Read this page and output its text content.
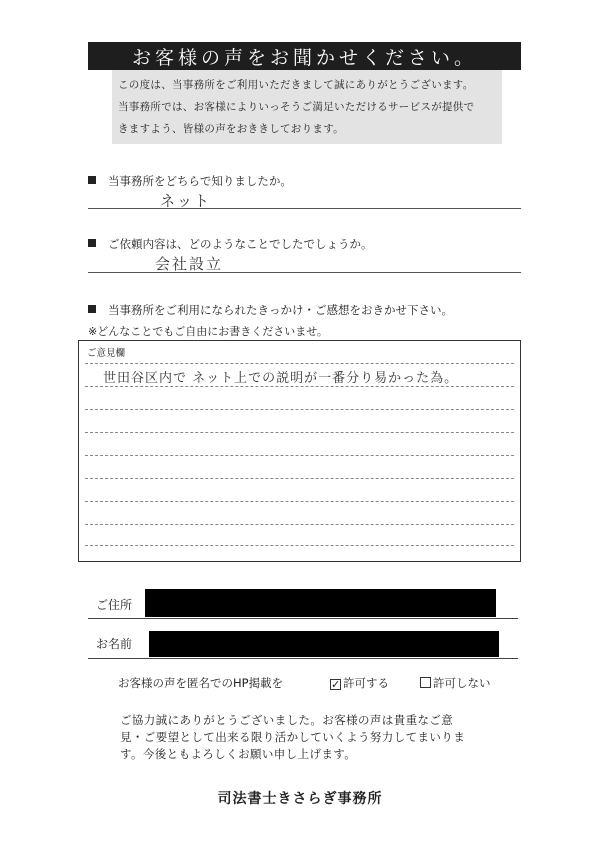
お客様の声をお聞かせください。
この度は、当事務所をご利用いただきまして誠にありがとうございます。
当事務所では、お客様によりいっそうご満足いただけるサービスが提供で
きますよう、皆様の声をおききしております。
当事務所をどちらで知りましたか。
ネット
ご依頼内容は、どのようなことでしたでしょうか。
会社設立
当事務所をご利用になられたきっかけ・ご感想をおきかせ下さい。
※どんなことでもご自由にお書きくださいませ。
ご意見欄
世田谷区内で ネット上での説明が一番分り易かった為。
ご住所
お名前
お客様の声を匿名でのHP掲載を	✓ 許可する	許可しない
ご協力誠にありがとうございました。お客様の声は貴重なご意
見・ご要望として出来る限り活かしていくよう努力してまいりま
す。今後ともよろしくお願い申し上げます。
司法書士きさらぎ事務所
